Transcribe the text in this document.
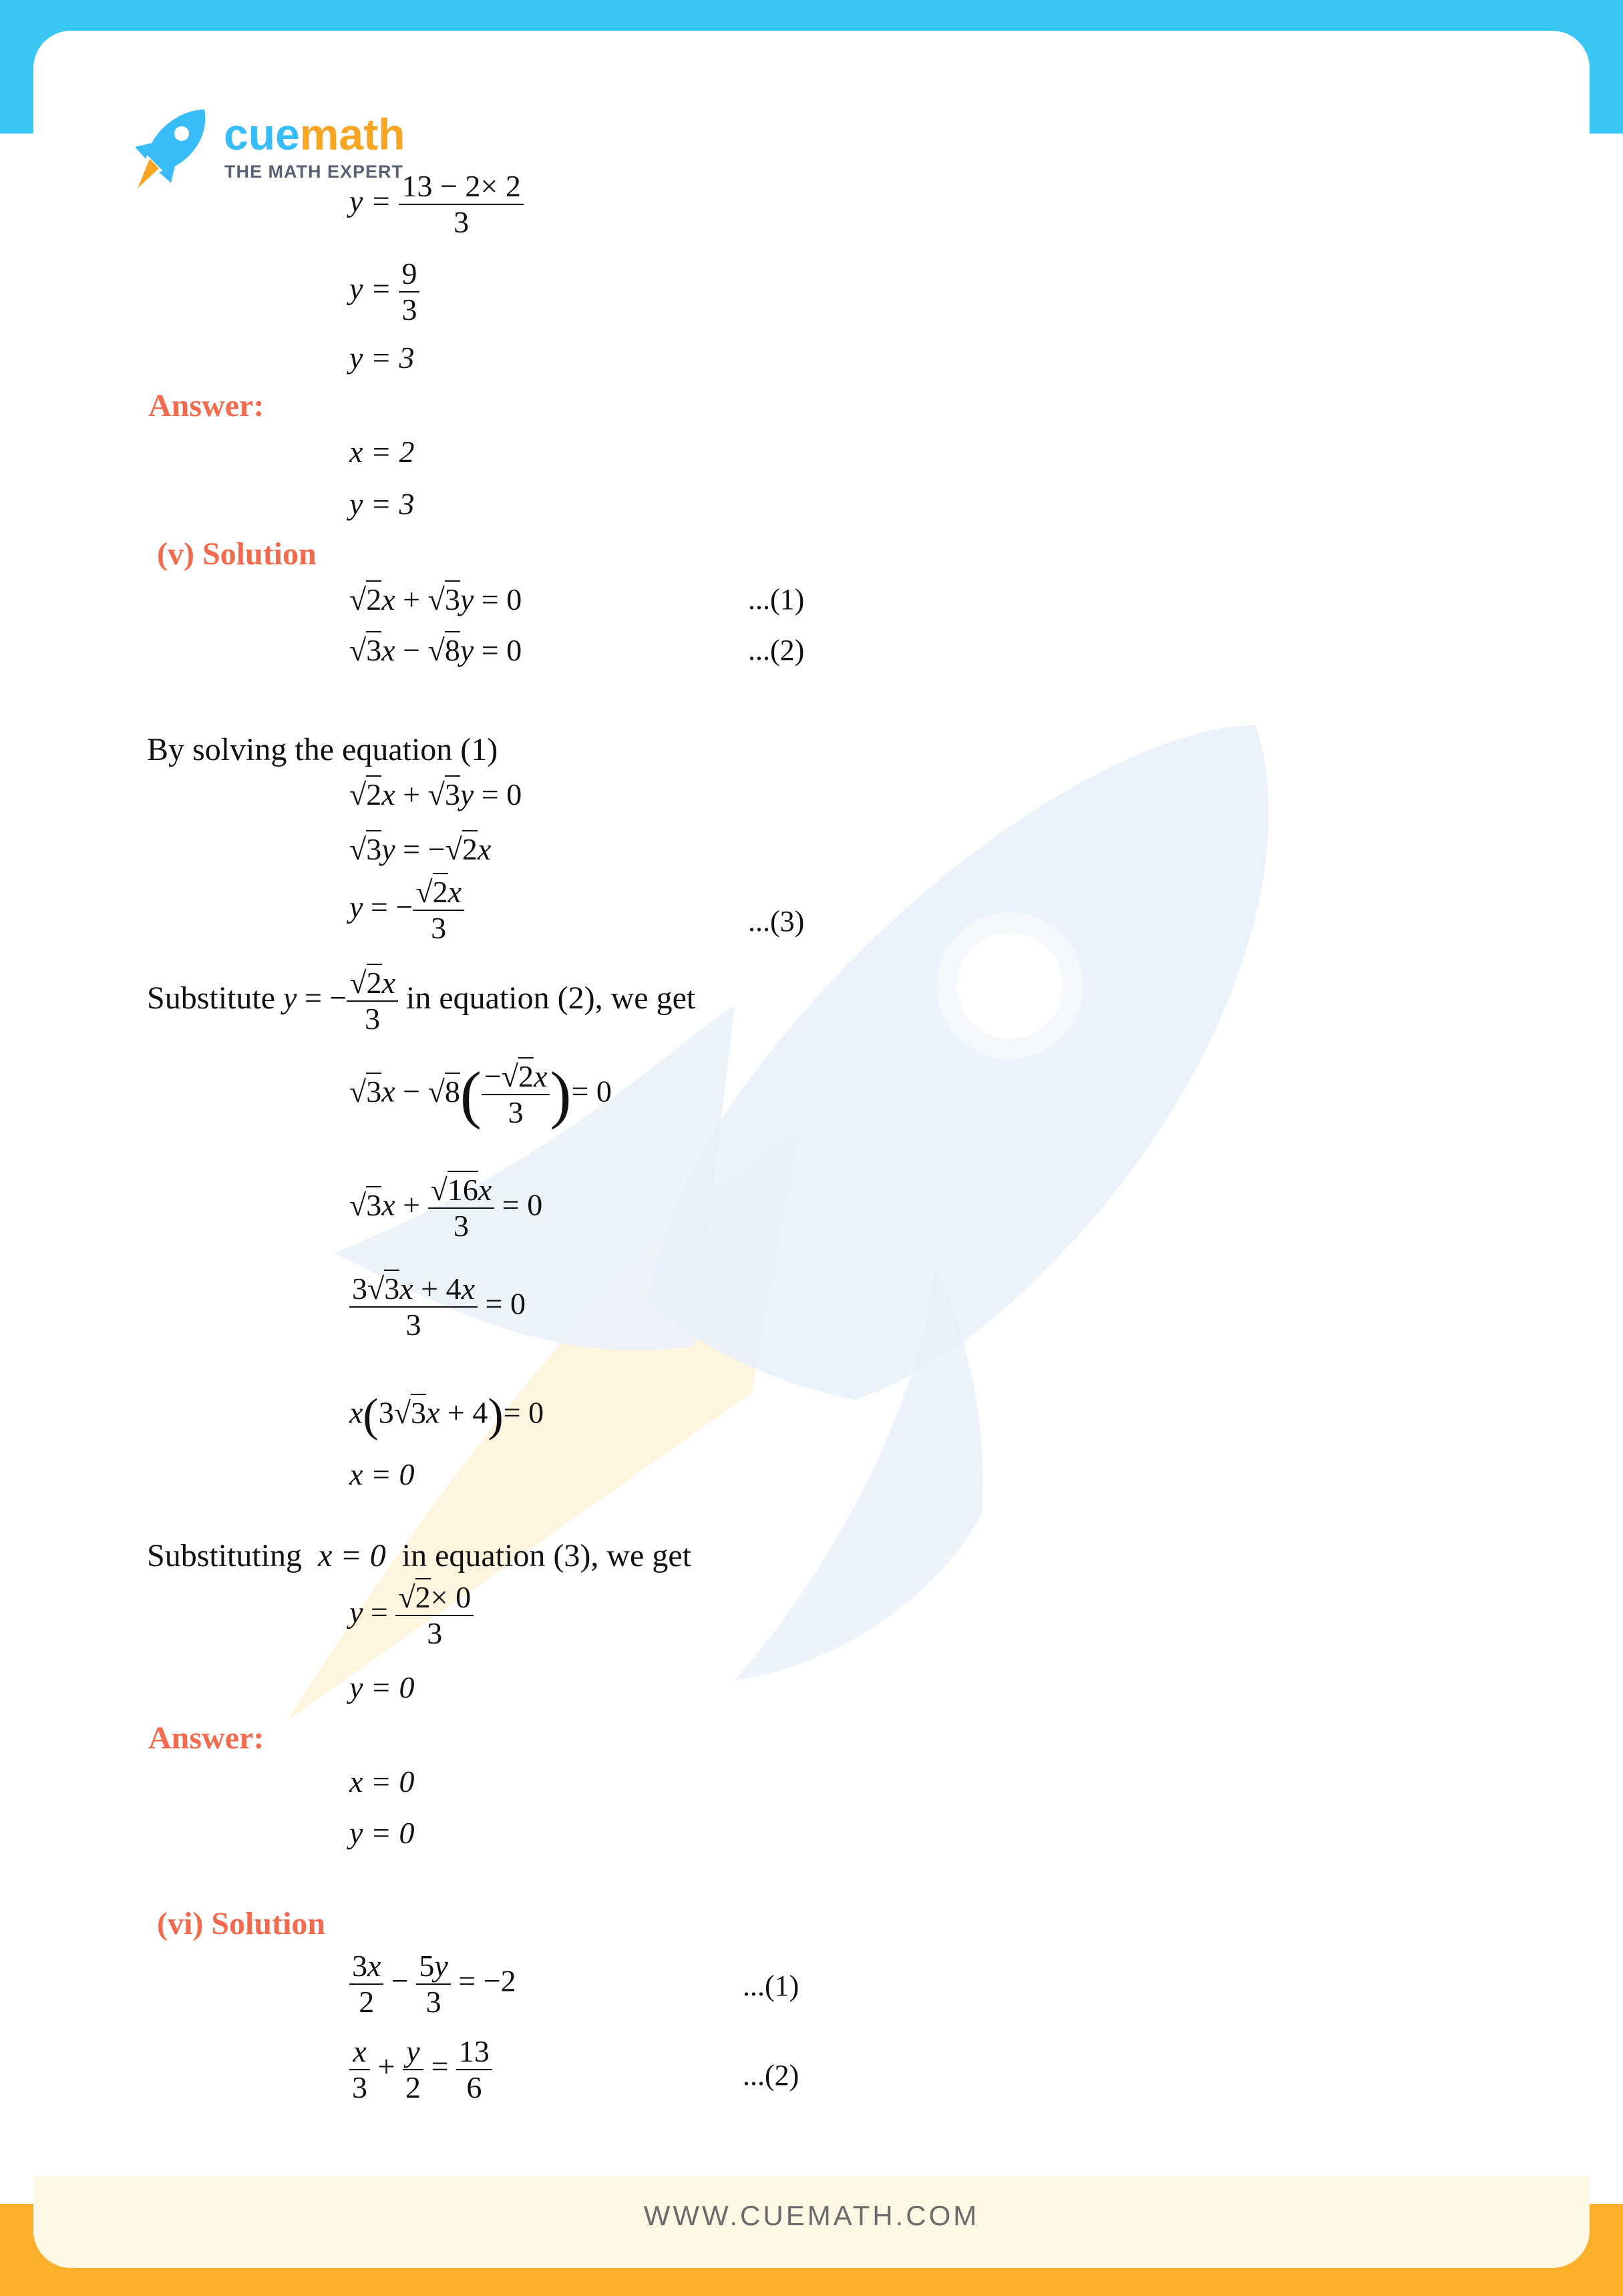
cuemath
THE MATH EXPERT
$y = \frac{13 - 2\times 2}{3}$
$y = \frac{9}{3}$
y = 3
Answer:
x = 2
y = 3
(v) Solution
√2x + √3y = 0	...(1)
√3x − √8y = 0	...(2)
By solving the equation (1)
√2x + √3y = 0
√3y = −√2x
y = − $\frac{√2x}{3}$	...(3)
Substitute y = − $\frac{√2x}{3}$ in equation (2), we get
$√3x - √8( \frac{-√2x}{3}$ )= 0
$√3x + \frac{√16x}{3} = 0$
$\frac{3√3x + 4x}{3} = 0$
x(3√3x + 4)= 0
x = 0
Substituting x = 0 in equation (3), we get
$y = \frac{√2\times 0}{3}$
y = 0
Answer:
x = 0
y = 0
(vi) Solution
$\frac{3x}{2} - \frac{5y}{3} = -2$	...(1)
$\frac{x}{3} + \frac{y}{2} = \frac{13}{6}$	...(2)
WWW.CUEMATH.COM
